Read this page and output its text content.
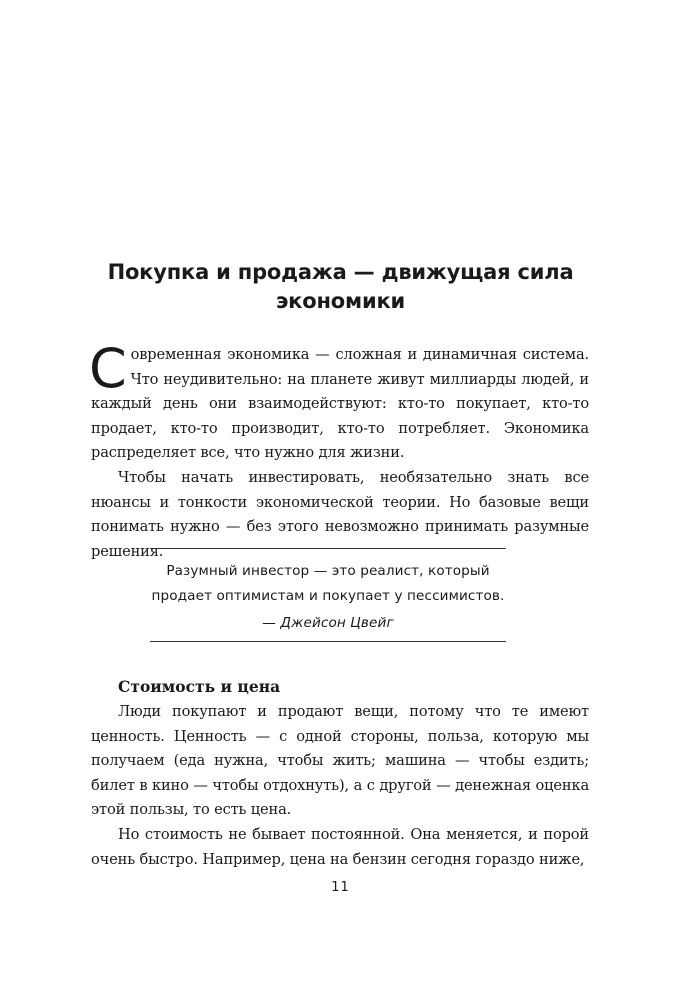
Покупка и продажа — движущая сила
экономики

Современная экономика — сложная и динамичная система. Что неудивительно: на планете живут миллиарды людей, и каждый день они взаимодействуют: кто-то покупает, кто-то продает, кто-то производит, кто-то потребляет. Экономика распределяет все, что нужно для жизни.

Чтобы начать инвестировать, необязательно знать все нюансы и тонкости экономической теории. Но базовые вещи понимать нужно — без этого невозможно принимать разумные решения.

Разумный инвестор — это реалист, который
продает оптимистам и покупает у пессимистов.
— Джейсон Цвейг
Стоимость и цена

Люди покупают и продают вещи, потому что те имеют ценность. Ценность — с одной стороны, польза, которую мы получаем (еда нужна, чтобы жить; машина — чтобы ездить; билет в кино — чтобы отдохнуть), а с другой — денежная оценка этой пользы, то есть цена.

Но стоимость не бывает постоянной. Она меняется, и порой очень быстро. Например, цена на бензин сегодня гораздо ниже,

11
